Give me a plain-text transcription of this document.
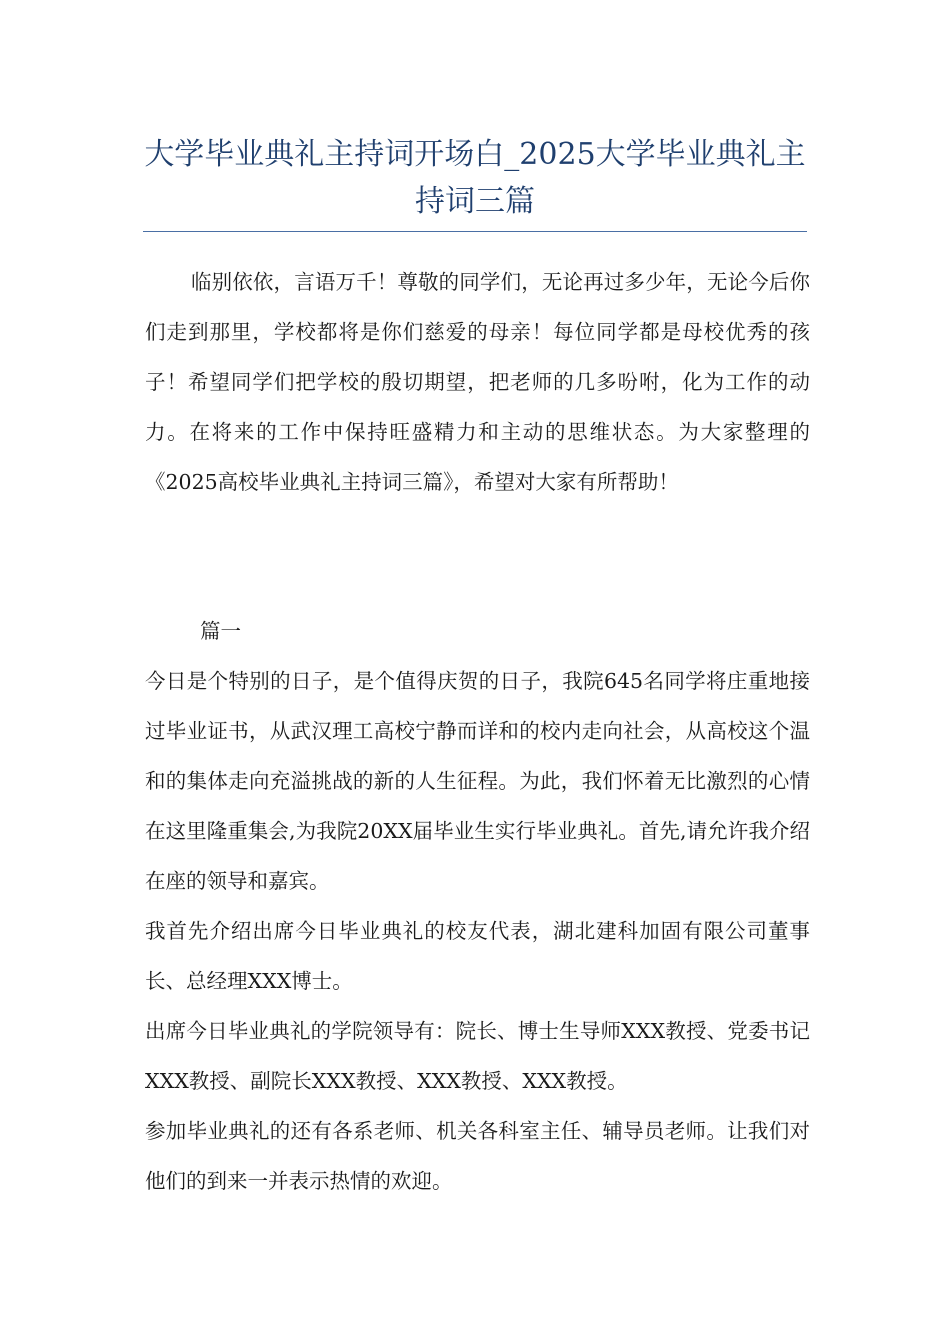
大学毕业典礼主持词开场白_2025大学毕业典礼主持词三篇

临别依依，言语万千！尊敬的同学们，无论再过多少年，无论今后你们走到那里，学校都将是你们慈爱的母亲！每位同学都是母校优秀的孩子！希望同学们把学校的殷切期望，把老师的几多吩咐，化为工作的动力。在将来的工作中保持旺盛精力和主动的思维状态。为大家整理的《2025高校毕业典礼主持词三篇》，希望对大家有所帮助！

篇一

今日是个特别的日子，是个值得庆贺的日子，我院645名同学将庄重地接过毕业证书，从武汉理工高校宁静而详和的校内走向社会，从高校这个温和的集体走向充溢挑战的新的人生征程。为此，我们怀着无比激烈的心情在这里隆重集会,为我院20XX届毕业生实行毕业典礼。首先,请允许我介绍在座的领导和嘉宾。

我首先介绍出席今日毕业典礼的校友代表，湖北建科加固有限公司董事长、总经理XXX博士。

出席今日毕业典礼的学院领导有：院长、博士生导师XXX教授、党委书记XXX教授、副院长XXX教授、XXX教授、XXX教授。

参加毕业典礼的还有各系老师、机关各科室主任、辅导员老师。让我们对他们的到来一并表示热情的欢迎。
